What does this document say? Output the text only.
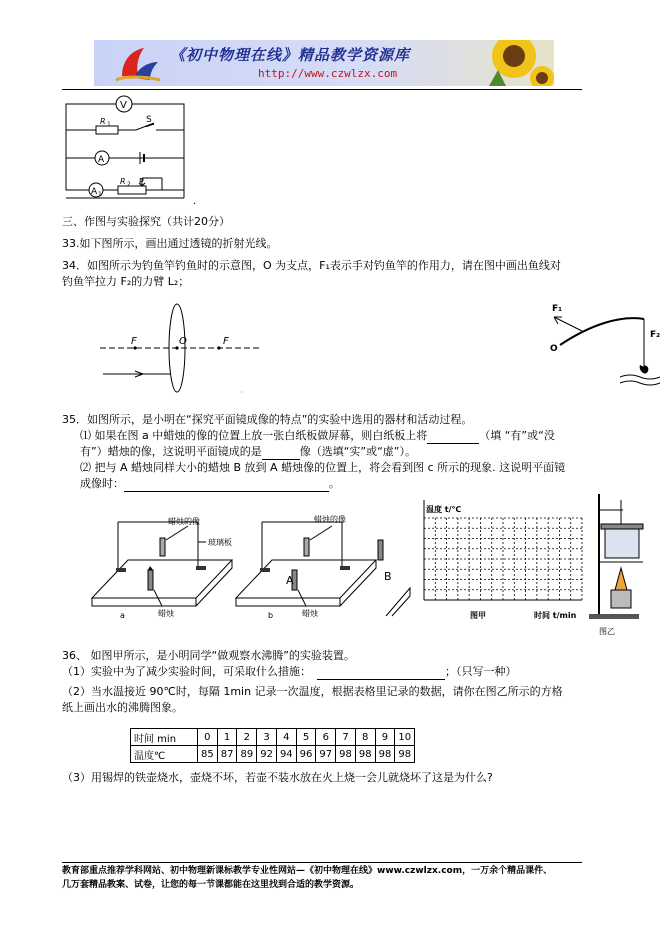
《初中物理在线》精品教学资源库
http://www.czwlzx.com
V
R 1	S
A
A 1
R 2 P
.
三、作图与实验探究（共计20分）
33.如下图所示，画出通过透镜的折射光线。
34．如图所示为钓鱼竿钓鱼时的示意图，O 为支点，F₁表示手对钓鱼竿的作用力，请在图中画出鱼线对
钓鱼竿拉力 F₂的力臂 L₂；
F	O	F
F₁
O
F₂
·
35．如图所示，是小明在“探究平面镜成像的特点”的实验中选用的器材和活动过程。
⑴ 如果在图 a 中蜡烛的像的位置上放一张白纸板做屏幕，则白纸板上将	（填 “有”或“没
有”）蜡烛的像，这说明平面镜成的是	像（选填“实”或“虚”）。
⑵ 把与 A 蜡烛同样大小的蜡烛 B 放到 A 蜡烛像的位置上，将会看到图 c 所示的现象. 这说明平面镜
成像时：	。
蜡烛的像
玻璃板
蜡烛
a
蜡烛的像
A	B
蜡烛
b
温度 t/℃
图甲	时间 t/min
图乙
36、 如图甲所示，是小明同学“做观察水沸腾”的实验装置。
（1）实验中为了减少实验时间，可采取什么措施：	；（只写一种）
（2）当水温接近 90℃时，每隔 1min 记录一次温度，根据表格里记录的数据，请你在图乙所示的方格
纸上画出水的沸腾图象。
时间 min	0	1	2	3	4	5	6	7	8	9	10
温度℃	85	87	89	92	94	96	97	98	98	98	98
（3）用锡焊的铁壶烧水，壶烧不坏，若壶不装水放在火上烧一会儿就烧坏了这是为什么?
教育部重点推荐学科网站、初中物理新课标教学专业性网站—《初中物理在线》www.czwlzx.com，一万余个精品课件、
几万套精品教案、试卷，让您的每一节课都能在这里找到合适的教学资源。
